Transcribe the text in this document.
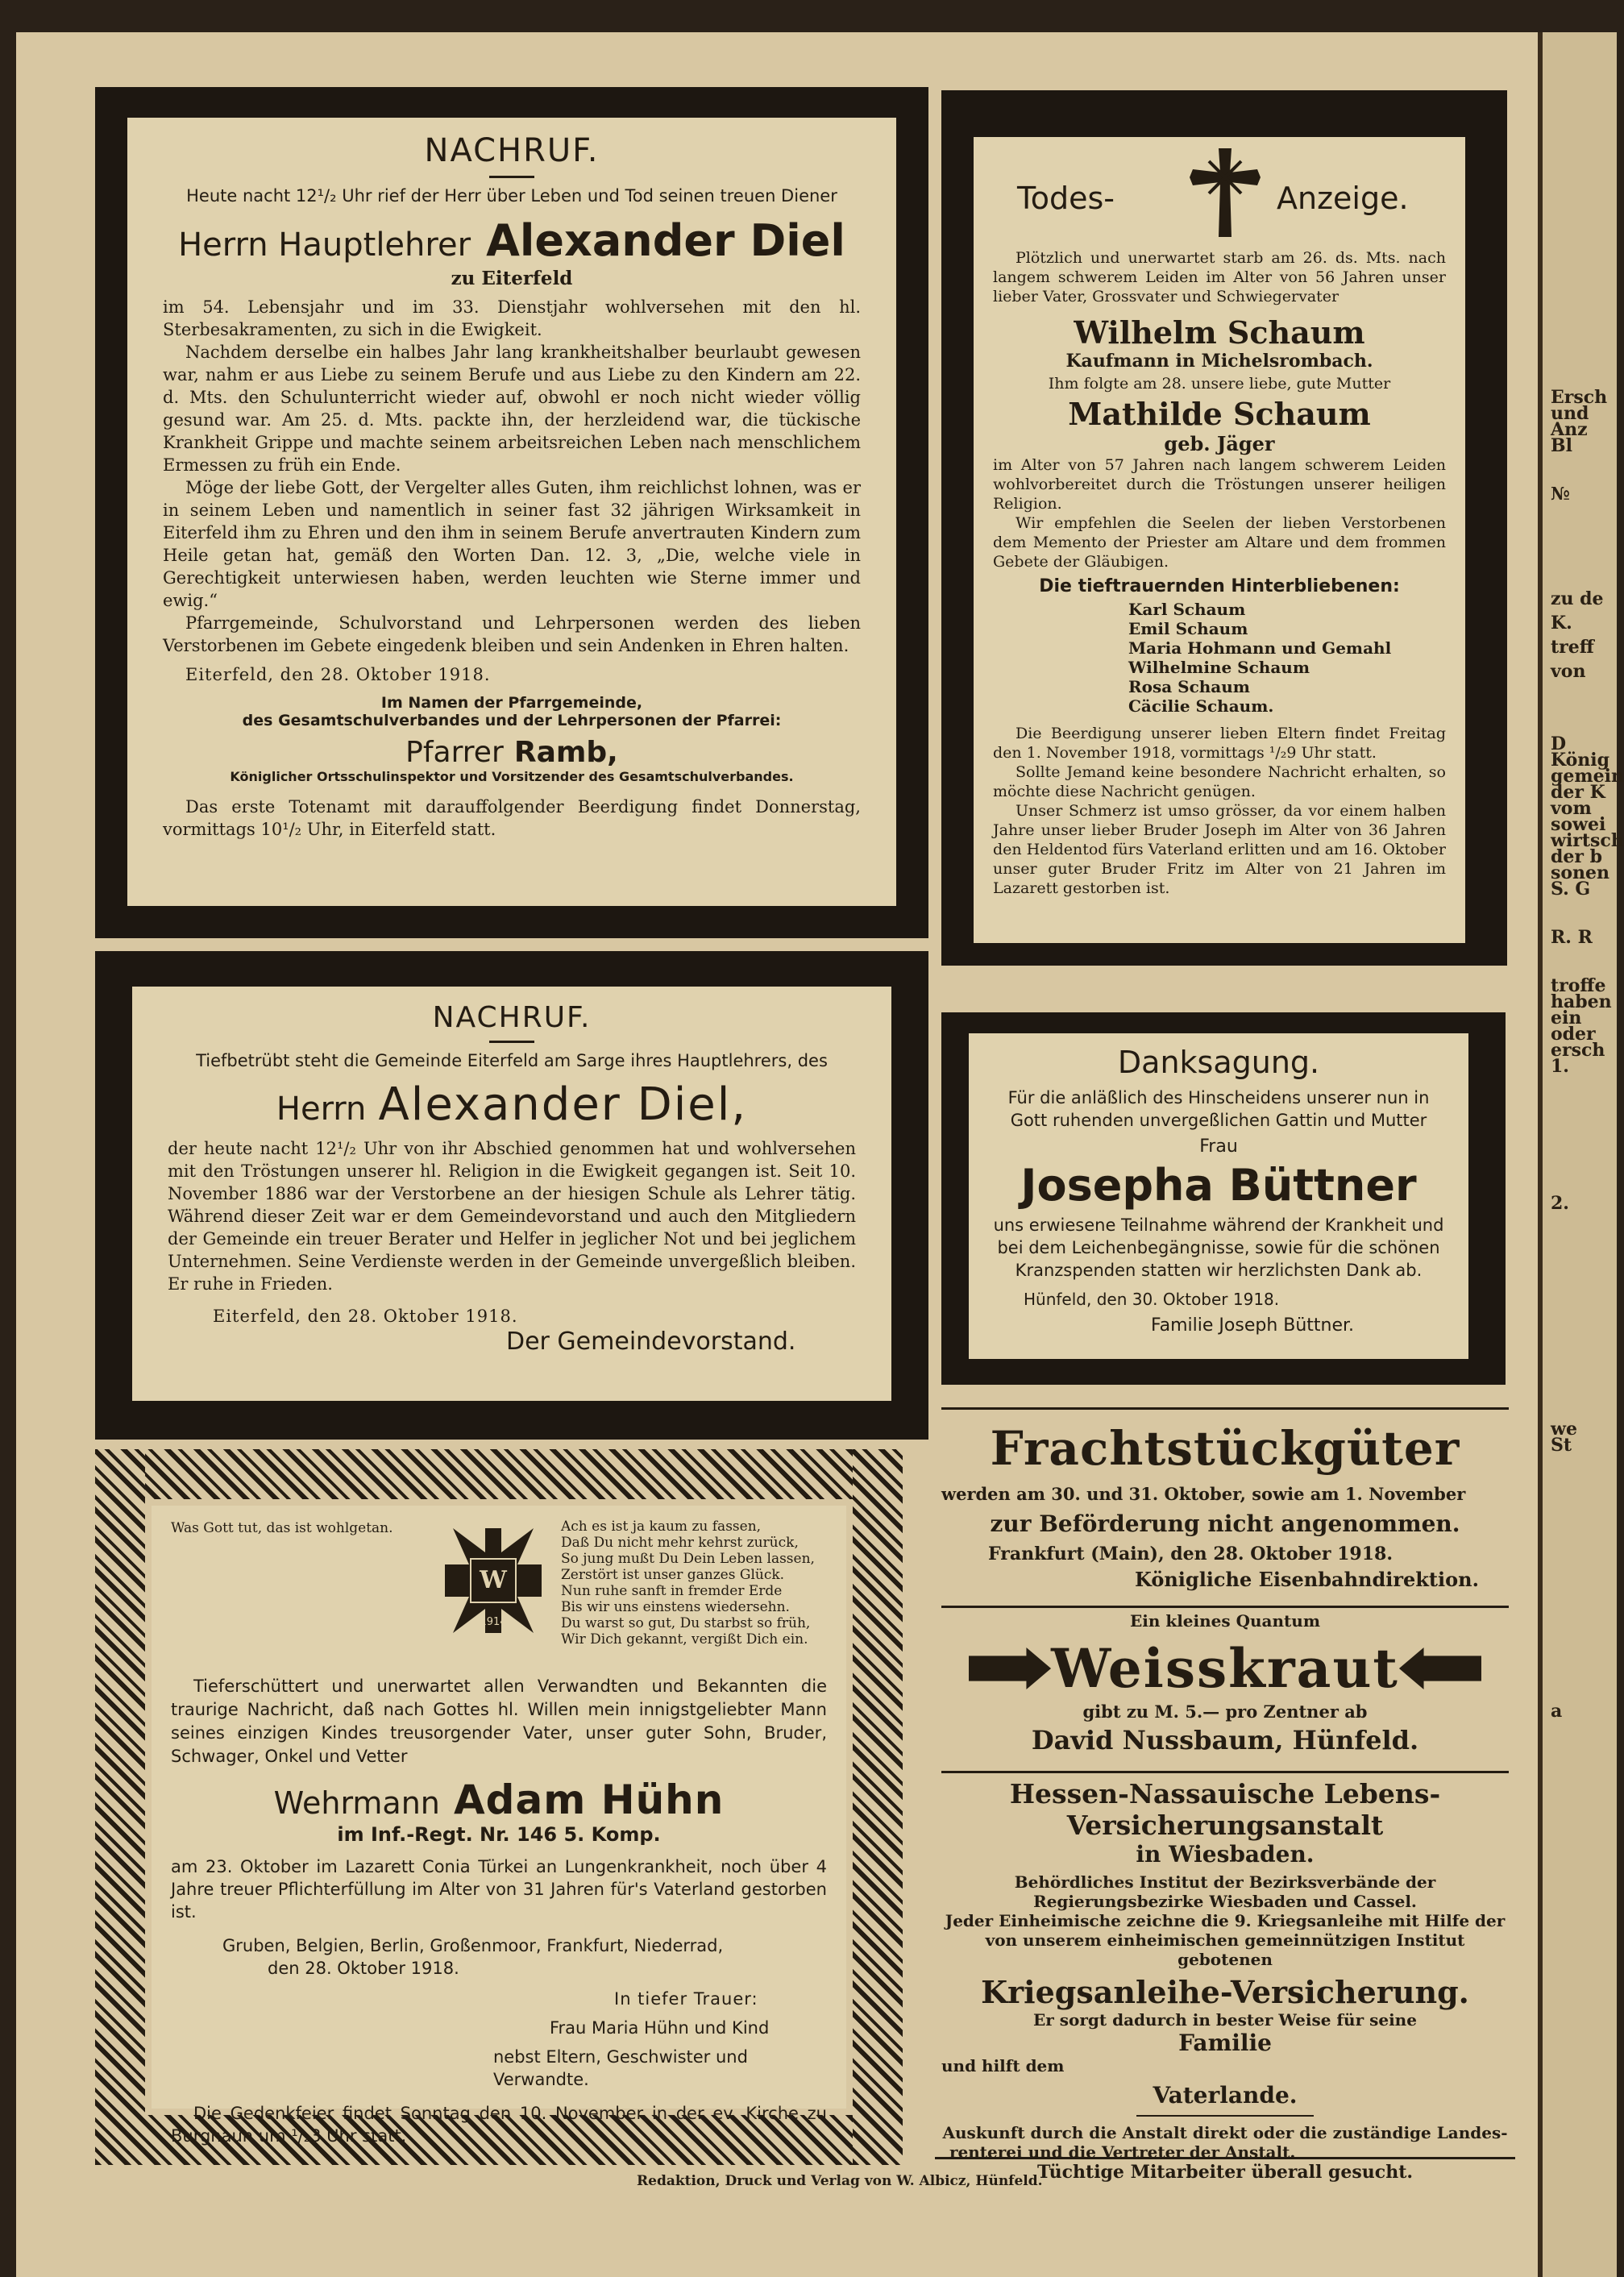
Ersch
und
Anz
Bl
№
zu de
K.
treff
von
D
König
gemein
der K
vom
sowei
wirtsch
der b
sonen
S. G
R. R
troffe
haben
ein
oder
ersch
1.
2.
we
St
a

NACHRUF.

Heute nacht 12¹/₂ Uhr rief der Herr über Leben und Tod seinen treuen Diener

Herrn Hauptlehrer Alexander Diel

zu Eiterfeld

im 54. Lebensjahr und im 33. Dienstjahr wohlversehen mit den hl. Sterbesakramenten, zu sich in die Ewigkeit.

Nachdem derselbe ein halbes Jahr lang krankheitshalber beurlaubt gewesen war, nahm er aus Liebe zu seinem Berufe und aus Liebe zu den Kindern am 22. d. Mts. den Schulunterricht wieder auf, obwohl er noch nicht wieder völlig gesund war. Am 25. d. Mts. packte ihn, der herzleidend war, die tückische Krankheit Grippe und machte seinem arbeitsreichen Leben nach menschlichem Ermessen zu früh ein Ende.

Möge der liebe Gott, der Vergelter alles Guten, ihm reichlichst lohnen, was er in seinem Leben und namentlich in seiner fast 32 jährigen Wirksamkeit in Eiterfeld ihm zu Ehren und den ihm in seinem Berufe anvertrauten Kindern zum Heile getan hat, gemäß den Worten Dan. 12. 3, „Die, welche viele in Gerechtigkeit unterwiesen haben, werden leuchten wie Sterne immer und ewig.“

Pfarrgemeinde, Schulvorstand und Lehrpersonen werden des lieben Verstorbenen im Gebete eingedenk bleiben und sein Andenken in Ehren halten.

Eiterfeld, den 28. Oktober 1918.

Im Namen der Pfarrgemeinde,

des Gesamtschulverbandes und der Lehrpersonen der Pfarrei:

Pfarrer Ramb,

Königlicher Ortsschulinspektor und Vorsitzender des Gesamtschulverbandes.

Das erste Totenamt mit darauffolgender Beerdigung findet Donnerstag, vormittags 10¹/₂ Uhr, in Eiterfeld statt.

NACHRUF.

Tiefbetrübt steht die Gemeinde Eiterfeld am Sarge ihres Hauptlehrers, des

Herrn Alexander Diel,

der heute nacht 12¹/₂ Uhr von ihr Abschied genommen hat und wohlversehen mit den Tröstungen unserer hl. Religion in die Ewigkeit gegangen ist. Seit 10. November 1886 war der Verstorbene an der hiesigen Schule als Lehrer tätig. Während dieser Zeit war er dem Gemeindevorstand und auch den Mitgliedern der Gemeinde ein treuer Berater und Helfer in jeglicher Not und bei jeglichem Unternehmen. Seine Verdienste werden in der Gemeinde unvergeßlich bleiben. Er ruhe in Frieden.

Eiterfeld, den 28. Oktober 1918.

Der Gemeindevorstand.

Was Gott tut, das ist wohlgetan.

W
1914
Ach es ist ja kaum zu fassen,
Daß Du nicht mehr kehrst zurück,
So jung mußt Du Dein Leben lassen,
Zerstört ist unser ganzes Glück.
Nun ruhe sanft in fremder Erde
Bis wir uns einstens wiedersehn.
Du warst so gut, Du starbst so früh,
Wir Dich gekannt, vergißt Dich ein.

Tieferschüttert und unerwartet allen Verwandten und Bekannten die traurige Nachricht, daß nach Gottes hl. Willen mein innigstgeliebter Mann seines einzigen Kindes treusorgender Vater, unser guter Sohn, Bruder, Schwager, Onkel und Vetter

Wehrmann Adam Hühn

im Inf.-Regt. Nr. 146 5. Komp.

am 23. Oktober im Lazarett Conia Türkei an Lungenkrankheit, noch über 4 Jahre treuer Pflichterfüllung im Alter von 31 Jahren für's Vaterland gestorben ist.

Gruben, Belgien, Berlin, Großenmoor, Frankfurt, Niederrad,

den 28. Oktober 1918.

In tiefer Trauer:

Frau Maria Hühn und Kind

nebst Eltern, Geschwister und Verwandte.

Die Gedenkfeier findet Sonntag den 10. November in der ev. Kirche zu Burghaun um ¹/₂3 Uhr statt.

Todes-	Anzeige.

Plötzlich und unerwartet starb am 26. ds. Mts. nach langem schwerem Leiden im Alter von 56 Jahren unser lieber Vater, Grossvater und Schwiegervater

Wilhelm Schaum

Kaufmann in Michelsrombach.

Ihm folgte am 28. unsere liebe, gute Mutter

Mathilde Schaum

geb. Jäger

im Alter von 57 Jahren nach langem schwerem Leiden wohlvorbereitet durch die Tröstungen unserer heiligen Religion.

Wir empfehlen die Seelen der lieben Verstorbenen dem Memento der Priester am Altare und dem frommen Gebete der Gläubigen.

Die tieftrauernden Hinterbliebenen:

Karl Schaum
Emil Schaum
Maria Hohmann und Gemahl
Wilhelmine Schaum
Rosa Schaum
Cäcilie Schaum.

Die Beerdigung unserer lieben Eltern findet Freitag den 1. November 1918, vormittags ¹/₂9 Uhr statt.

Sollte Jemand keine besondere Nachricht erhalten, so möchte diese Nachricht genügen.

Unser Schmerz ist umso grösser, da vor einem halben Jahre unser lieber Bruder Joseph im Alter von 36 Jahren den Heldentod fürs Vaterland erlitten und am 16. Oktober unser guter Bruder Fritz im Alter von 21 Jahren im Lazarett gestorben ist.

Danksagung.

Für die anläßlich des Hinscheidens unserer nun in Gott ruhenden unvergeßlichen Gattin und Mutter

Frau

Josepha Büttner

uns erwiesene Teilnahme während der Krankheit und bei dem Leichenbegängnisse, sowie für die schönen Kranzspenden statten wir herzlichsten Dank ab.

Hünfeld, den 30. Oktober 1918.

Familie Joseph Büttner.

Frachtstückgüter

werden am 30. und 31. Oktober, sowie am 1. November

zur Beförderung nicht angenommen.

Frankfurt (Main), den 28. Oktober 1918.

Königliche Eisenbahndirektion.

Ein kleines Quantum

Weisskraut

gibt zu M. 5.— pro Zentner ab

David Nussbaum, Hünfeld.

Hessen-Nassauische Lebens-Versicherungsanstalt

in Wiesbaden.

Behördliches Institut der Bezirksverbände der

Regierungsbezirke Wiesbaden und Cassel.

Jeder Einheimische zeichne die 9. Kriegsanleihe mit Hilfe der

von unserem einheimischen gemeinnützigen Institut gebotenen

Kriegsanleihe-Versicherung.

Er sorgt dadurch in bester Weise für seine

Familie

und hilft dem

Vaterlande.

Auskunft durch die Anstalt direkt oder die zuständige Landes-

renterei und die Vertreter der Anstalt.

Tüchtige Mitarbeiter überall gesucht.

Redaktion, Druck und Verlag von W. Albicz, Hünfeld.
